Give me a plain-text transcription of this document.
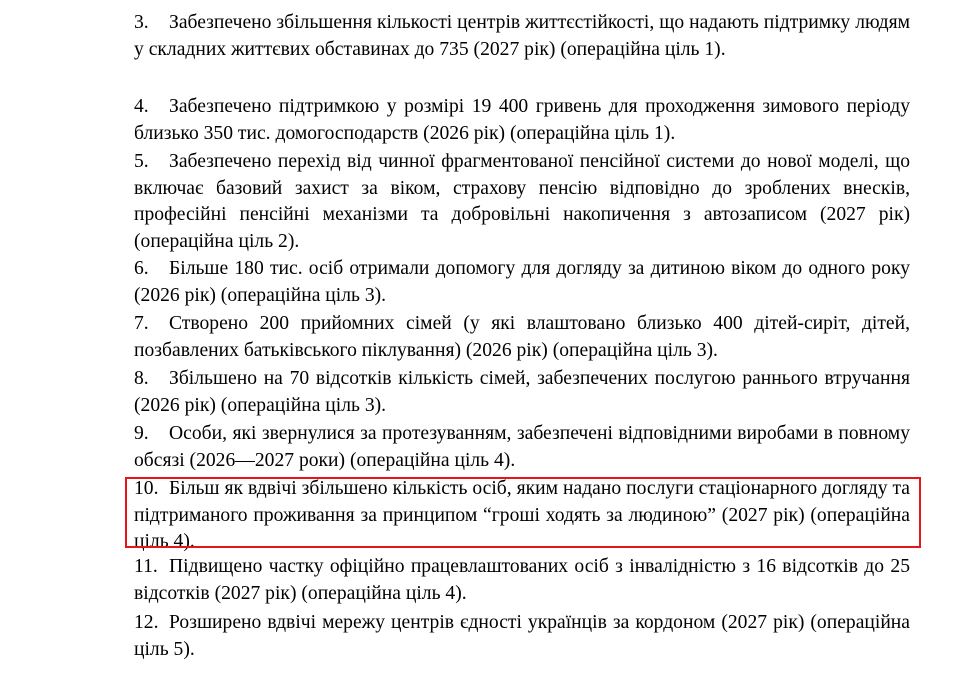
3. Забезпечено збільшення кількості центрів життєстійкості, що надають підтримку людям у складних життєвих обставинах до 735 (2027 рік) (операційна ціль 1).

4. Забезпечено підтримкою у розмірі 19 400 гривень для проходження зимового періоду близько 350 тис. домогосподарств (2026 рік) (операційна ціль 1).

5. Забезпечено перехід від чинної фрагментованої пенсійної системи до нової моделі, що включає базовий захист за віком, страхову пенсію відповідно до зроблених внесків, професійні пенсійні механізми та добровільні накопичення з автозаписом (2027 рік) (операційна ціль 2).

6. Більше 180 тис. осіб отримали допомогу для догляду за дитиною віком до одного року (2026 рік) (операційна ціль 3).

7. Створено 200 прийомних сімей (у які влаштовано близько 400 дітей-сиріт, дітей, позбавлених батьківського піклування) (2026 рік) (операційна ціль 3).

8. Збільшено на 70 відсотків кількість сімей, забезпечених послугою раннього втручання (2026 рік) (операційна ціль 3).

9. Особи, які звернулися за протезуванням, забезпечені відповідними виробами в повному обсязі (2026—2027 роки) (операційна ціль 4).

10. Більш як вдвічі збільшено кількість осіб, яким надано послуги стаціонарного догляду та підтриманого проживання за принципом “гроші ходять за людиною” (2027 рік) (операційна ціль 4).

11. Підвищено частку офіційно працевлаштованих осіб з інвалідністю з 16 відсотків до 25 відсотків (2027 рік) (операційна ціль 4).

12. Розширено вдвічі мережу центрів єдності українців за кордоном (2027 рік) (операційна ціль 5).
